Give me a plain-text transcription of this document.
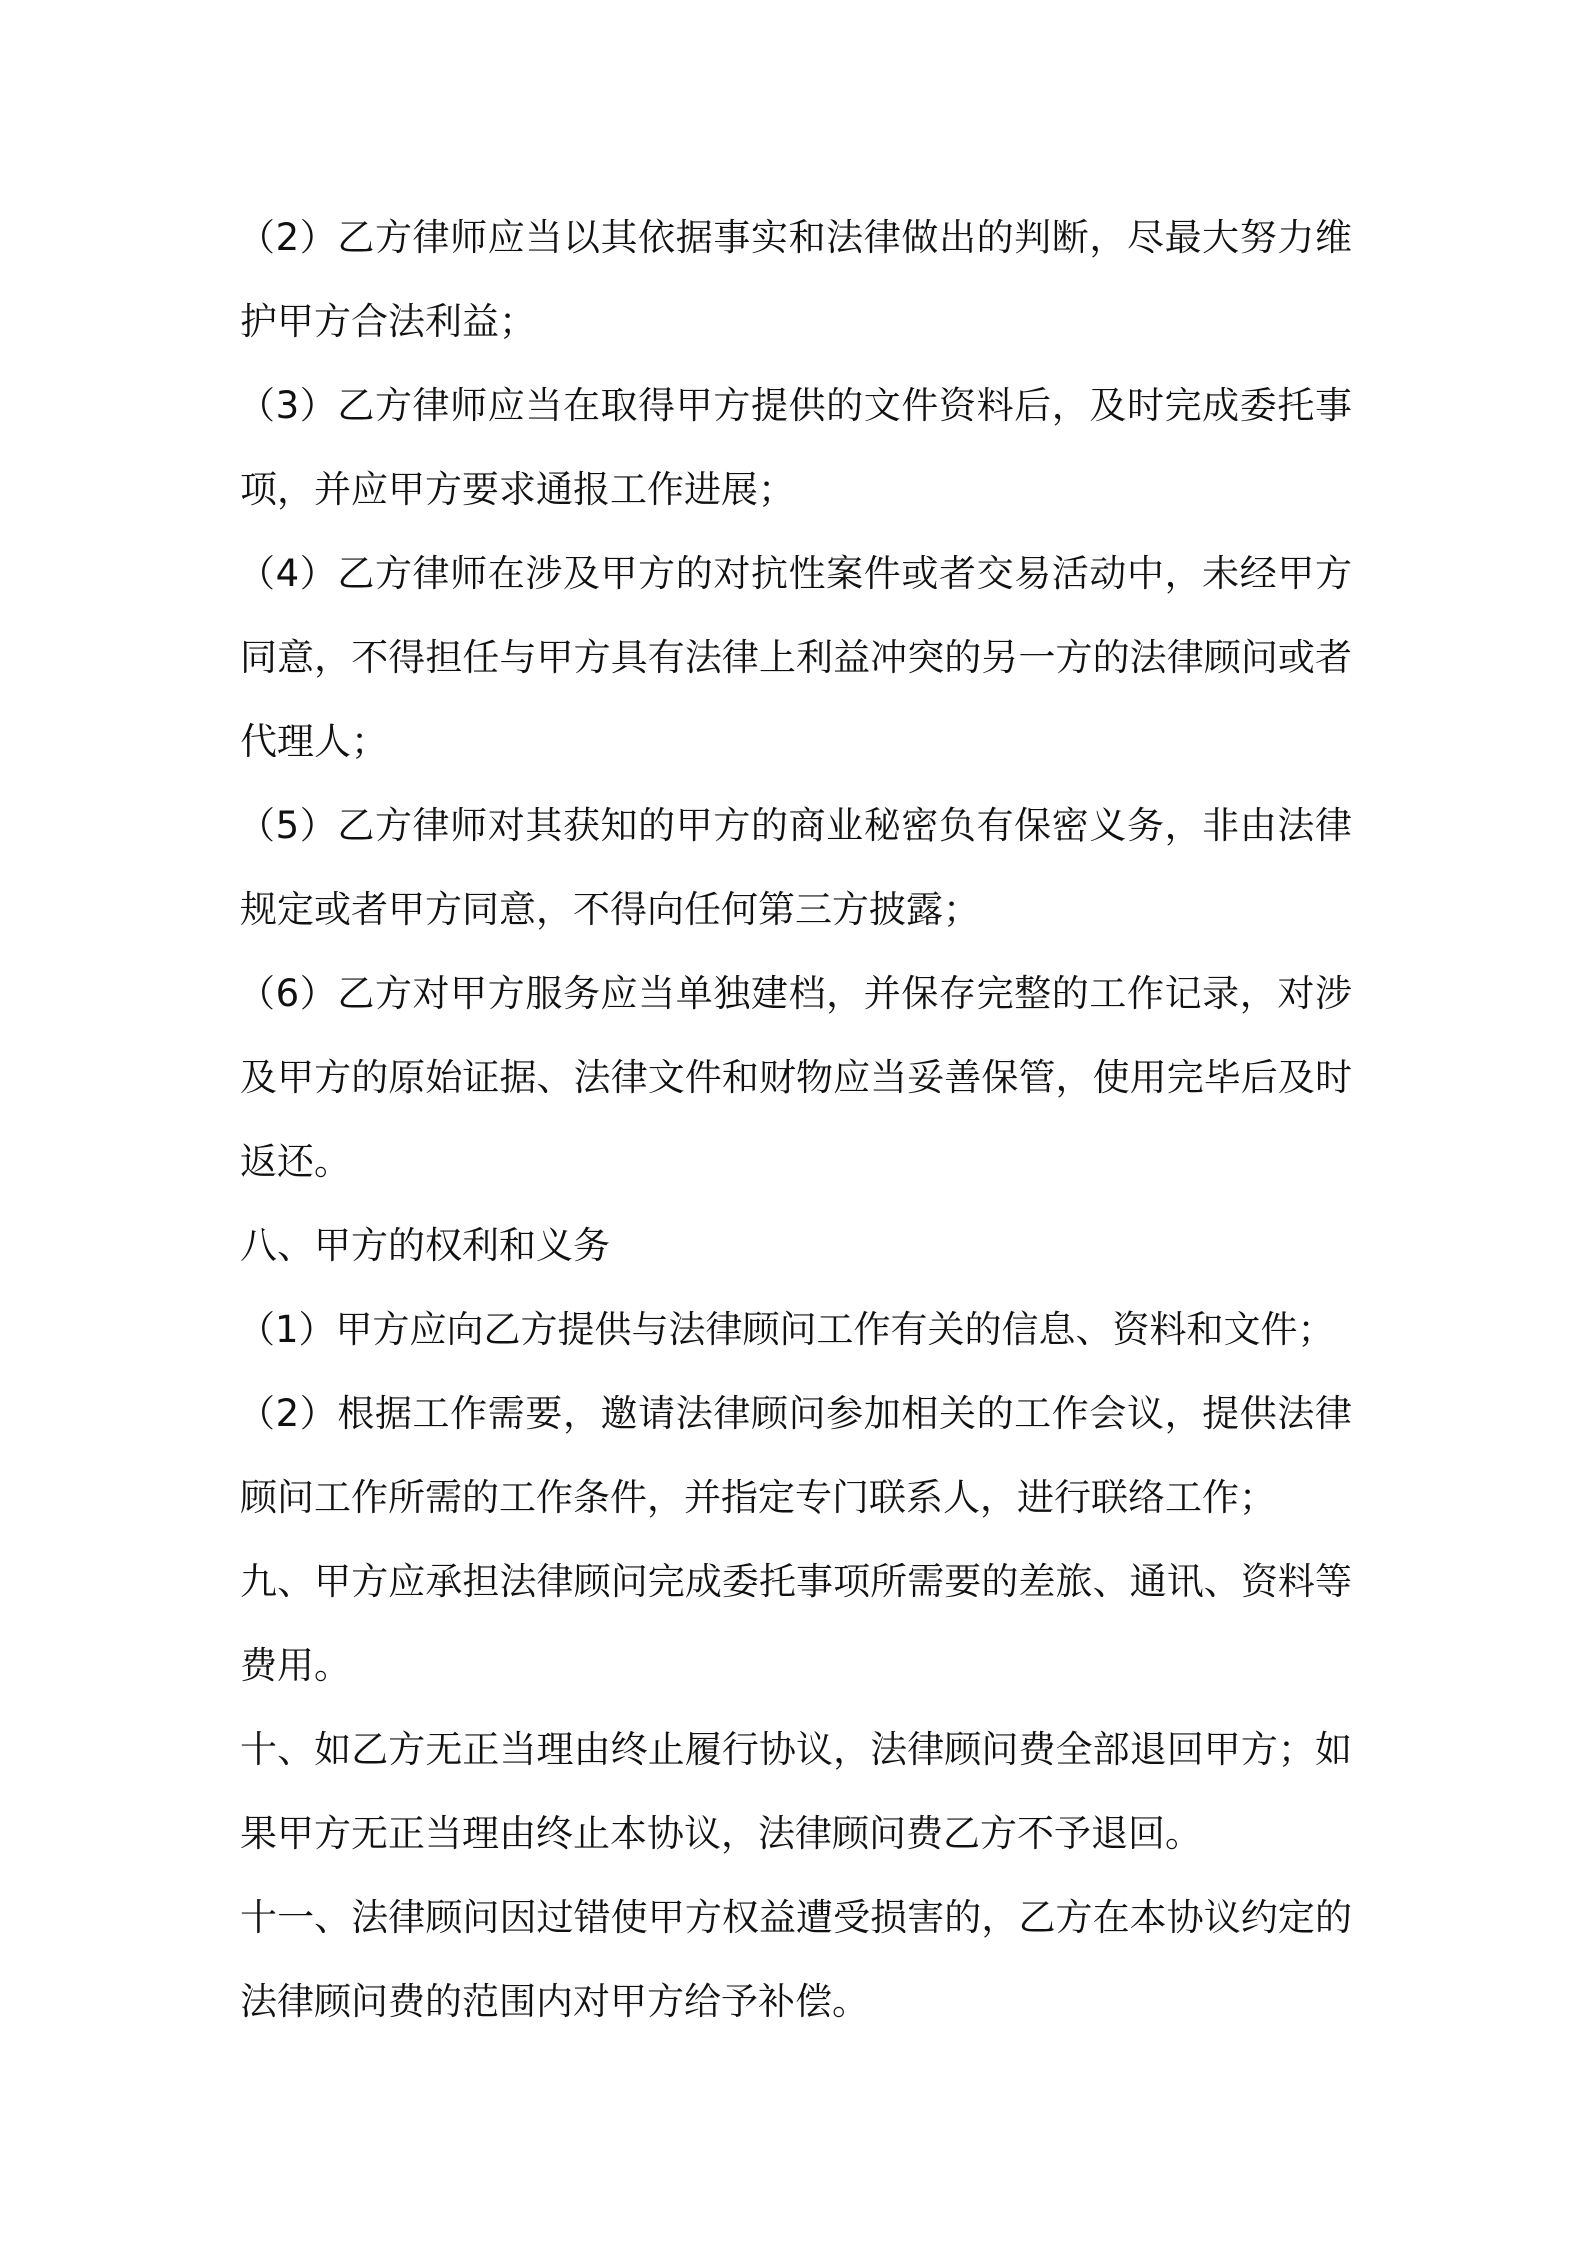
（2）乙方律师应当以其依据事实和法律做出的判断，尽最大努力维护甲方合法利益；

（3）乙方律师应当在取得甲方提供的文件资料后，及时完成委托事项，并应甲方要求通报工作进展；

（4）乙方律师在涉及甲方的对抗性案件或者交易活动中，未经甲方同意，不得担任与甲方具有法律上利益冲突的另一方的法律顾问或者代理人；

（5）乙方律师对其获知的甲方的商业秘密负有保密义务，非由法律规定或者甲方同意，不得向任何第三方披露；

（6）乙方对甲方服务应当单独建档，并保存完整的工作记录，对涉及甲方的原始证据、法律文件和财物应当妥善保管，使用完毕后及时返还。

八、甲方的权利和义务

（1）甲方应向乙方提供与法律顾问工作有关的信息、资料和文件；

（2）根据工作需要，邀请法律顾问参加相关的工作会议，提供法律顾问工作所需的工作条件，并指定专门联系人，进行联络工作；

九、甲方应承担法律顾问完成委托事项所需要的差旅、通讯、资料等费用。

十、如乙方无正当理由终止履行协议，法律顾问费全部退回甲方；如果甲方无正当理由终止本协议，法律顾问费乙方不予退回。

十一、法律顾问因过错使甲方权益遭受损害的，乙方在本协议约定的法律顾问费的范围内对甲方给予补偿。
